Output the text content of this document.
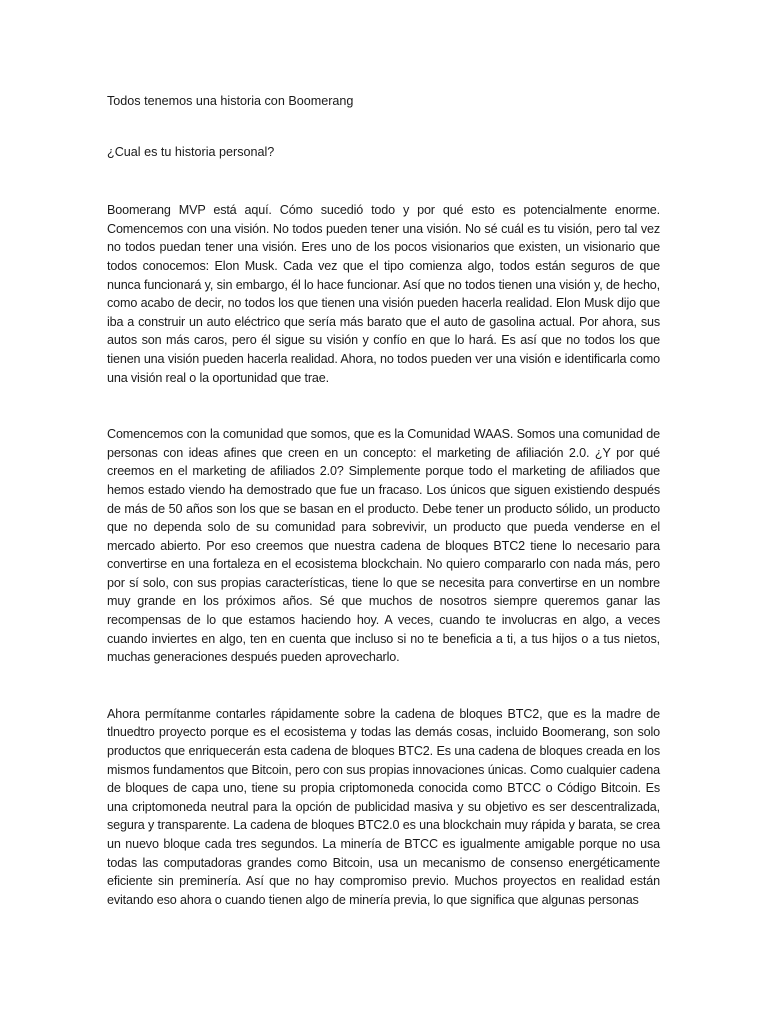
Todos tenemos una historia con Boomerang

¿Cual es tu historia personal?

Boomerang MVP está aquí. Cómo sucedió todo y por qué esto es potencialmente enorme. Comencemos con una visión. No todos pueden tener una visión. No sé cuál es tu visión, pero tal vez no todos puedan tener una visión. Eres uno de los pocos visionarios que existen, un visionario que todos conocemos: Elon Musk. Cada vez que el tipo comienza algo, todos están seguros de que nunca funcionará y, sin embargo, él lo hace funcionar. Así que no todos tienen una visión y, de hecho, como acabo de decir, no todos los que tienen una visión pueden hacerla realidad. Elon Musk dijo que iba a construir un auto eléctrico que sería más barato que el auto de gasolina actual. Por ahora, sus autos son más caros, pero él sigue su visión y confío en que lo hará. Es así que no todos los que tienen una visión pueden hacerla realidad. Ahora, no todos pueden ver una visión e identificarla como una visión real o la oportunidad que trae.

Comencemos con la comunidad que somos, que es la Comunidad WAAS. Somos una comunidad de personas con ideas afines que creen en un concepto: el marketing de afiliación 2.0. ¿Y por qué creemos en el marketing de afiliados 2.0? Simplemente porque todo el marketing de afiliados que hemos estado viendo ha demostrado que fue un fracaso. Los únicos que siguen existiendo después de más de 50 años son los que se basan en el producto. Debe tener un producto sólido, un producto que no dependa solo de su comunidad para sobrevivir, un producto que pueda venderse en el mercado abierto. Por eso creemos que nuestra cadena de bloques BTC2 tiene lo necesario para convertirse en una fortaleza en el ecosistema blockchain. No quiero compararlo con nada más, pero por sí solo, con sus propias características, tiene lo que se necesita para convertirse en un nombre muy grande en los próximos años. Sé que muchos de nosotros siempre queremos ganar las recompensas de lo que estamos haciendo hoy. A veces, cuando te involucras en algo, a veces cuando inviertes en algo, ten en cuenta que incluso si no te beneficia a ti, a tus hijos o a tus nietos, muchas generaciones después pueden aprovecharlo.

Ahora permítanme contarles rápidamente sobre la cadena de bloques BTC2, que es la madre de tlnuedtro proyecto porque es el ecosistema y todas las demás cosas, incluido Boomerang, son solo productos que enriquecerán esta cadena de bloques BTC2. Es una cadena de bloques creada en los mismos fundamentos que Bitcoin, pero con sus propias innovaciones únicas. Como cualquier cadena de bloques de capa uno, tiene su propia criptomoneda conocida como BTCC o Código Bitcoin. Es una criptomoneda neutral para la opción de publicidad masiva y su objetivo es ser descentralizada, segura y transparente. La cadena de bloques BTC2.0 es una blockchain muy rápida y barata, se crea un nuevo bloque cada tres segundos. La minería de BTCC es igualmente amigable porque no usa todas las computadoras grandes como Bitcoin, usa un mecanismo de consenso energéticamente eficiente sin preminería. Así que no hay compromiso previo. Muchos proyectos en realidad están evitando eso ahora o cuando tienen algo de minería previa, lo que significa que algunas personas
